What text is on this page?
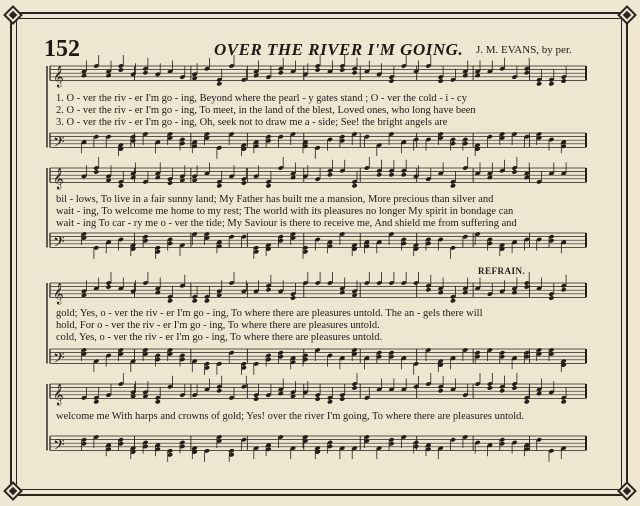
152	OVER THE RIVER I'M GOING. J. M. EVANS, by per.
REFRAIN.
𝄞
𝄢
𝄞
𝄢
𝄞
𝄢
𝄞
𝄢
1. O - ver the riv - er I'm go - ing, Beyond where the pearl - y gates stand ; O - ver the cold - i - cy
2. O - ver the riv - er I'm go - ing, To meet, in the land of the blest, Loved ones, who long have been
3. O - ver the riv - er I'm go - ing, Oh, seek not to draw me a - side; See! the bright angels are
bil - lows, To live in a fair sunny land; My Father has built me a mansion, More precious than silver and
wait - ing, To welcome me home to my rest; The world with its pleasures no longer My spirit in bondage can
wait - ing To car - ry me o - ver the tide; My Saviour is there to receive me, And shield me from suffering and
gold; Yes, o - ver the riv - er I'm go - ing, To where there are pleasures untold. The an - gels there will
hold, For o - ver the riv - er I'm go - ing, To where there are pleasures untold.
cold, Yes, o - ver the riv - er I'm go - ing, To where there are pleasures untold.
welcome me With harps and crowns of gold; Yes! over the river I'm going, To where there are pleasures untold.
